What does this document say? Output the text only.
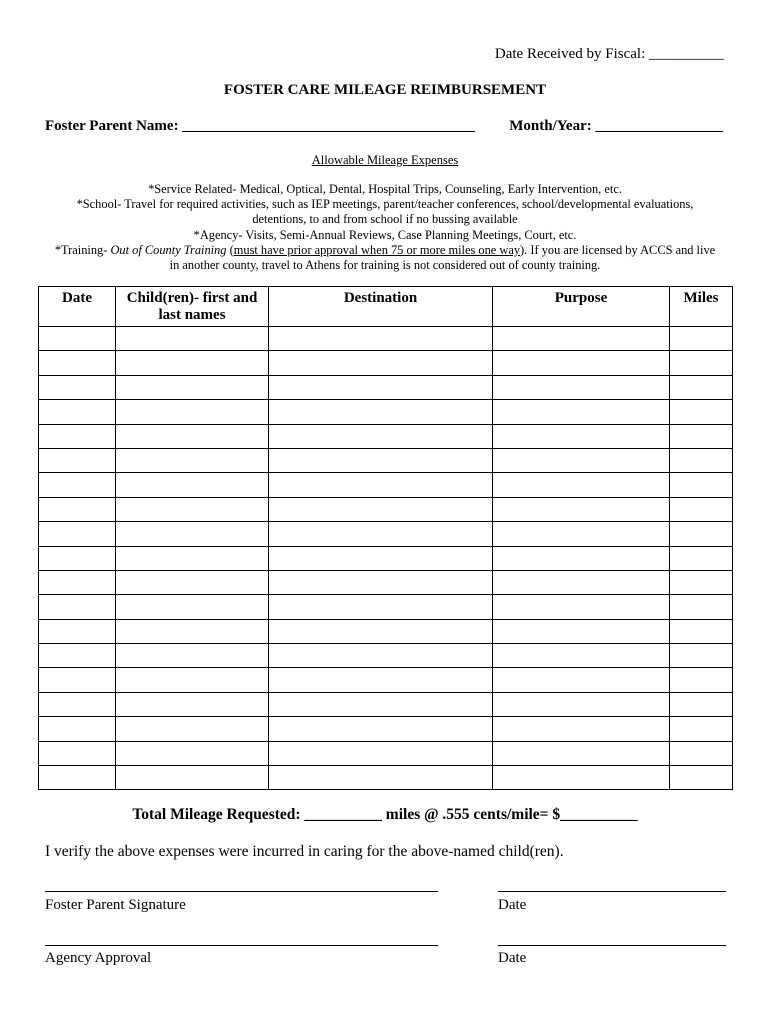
Date Received by Fiscal: __________
FOSTER CARE MILEAGE REIMBURSEMENT
Foster Parent Name: _______________________________________ Month/Year: _________________
Allowable Mileage Expenses
*Service Related- Medical, Optical, Dental, Hospital Trips, Counseling, Early Intervention, etc.
*School- Travel for required activities, such as IEP meetings, parent/teacher conferences, school/developmental evaluations,
detentions, to and from school if no bussing available
*Agency- Visits, Semi-Annual Reviews, Case Planning Meetings, Court, etc.
*Training- Out of County Training (must have prior approval when 75 or more miles one way). If you are licensed by ACCS and live
in another county, travel to Athens for training is not considered out of county training.
Date	Child(ren)- first and last names	Destination	Purpose	Miles

Total Mileage Requested: __________ miles @ .555 cents/mile= $__________
I verify the above expenses were incurred in caring for the above-named child(ren).
Foster Parent Signature	Date
Agency Approval	Date
